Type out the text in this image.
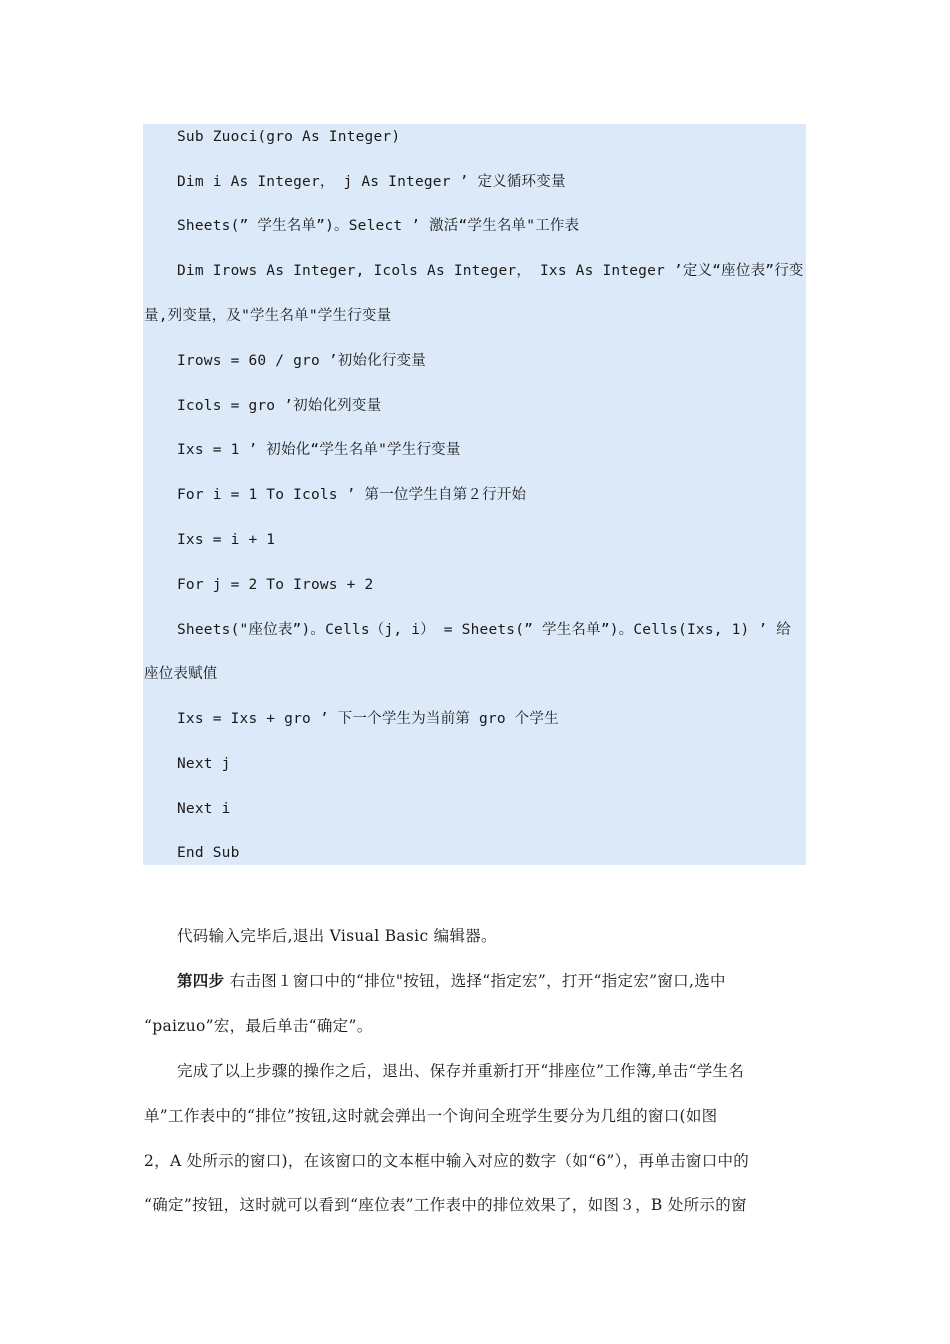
Sub Zuoci(gro As Integer)
Dim i As Integer， j As Integer ’ 定义循环变量
Sheets(” 学生名单”)。Select ’ 激活“学生名单"工作表
Dim Irows As Integer, Icols As Integer， Ixs As Integer ’定义“座位表”行变
量,列变量，及"学生名单"学生行变量
Irows = 60 / gro ’初始化行变量
Icols = gro ’初始化列变量
Ixs = 1 ’ 初始化“学生名单"学生行变量
For i = 1 To Icols ’ 第一位学生自第２行开始
Ixs = i + 1
For j = 2 To Irows + 2
Sheets("座位表”)。Cells（j, i） = Sheets(” 学生名单”)。Cells(Ixs, 1) ’ 给
座位表赋值
Ixs = Ixs + gro ’ 下一个学生为当前第 gro 个学生
Next j
Next i
End Sub
代码输入完毕后,退出 Visual Basic 编辑器。
第四步 右击图１窗口中的“排位"按钮，选择“指定宏”，打开“指定宏”窗口,选中
“paizuo”宏，最后单击“确定”。
完成了以上步骤的操作之后，退出、保存并重新打开“排座位”工作簿,单击“学生名
单”工作表中的“排位”按钮,这时就会弹出一个询问全班学生要分为几组的窗口(如图
2，A 处所示的窗口)，在该窗口的文本框中输入对应的数字（如“6”），再单击窗口中的
“确定”按钮，这时就可以看到“座位表”工作表中的排位效果了，如图３，B 处所示的窗
